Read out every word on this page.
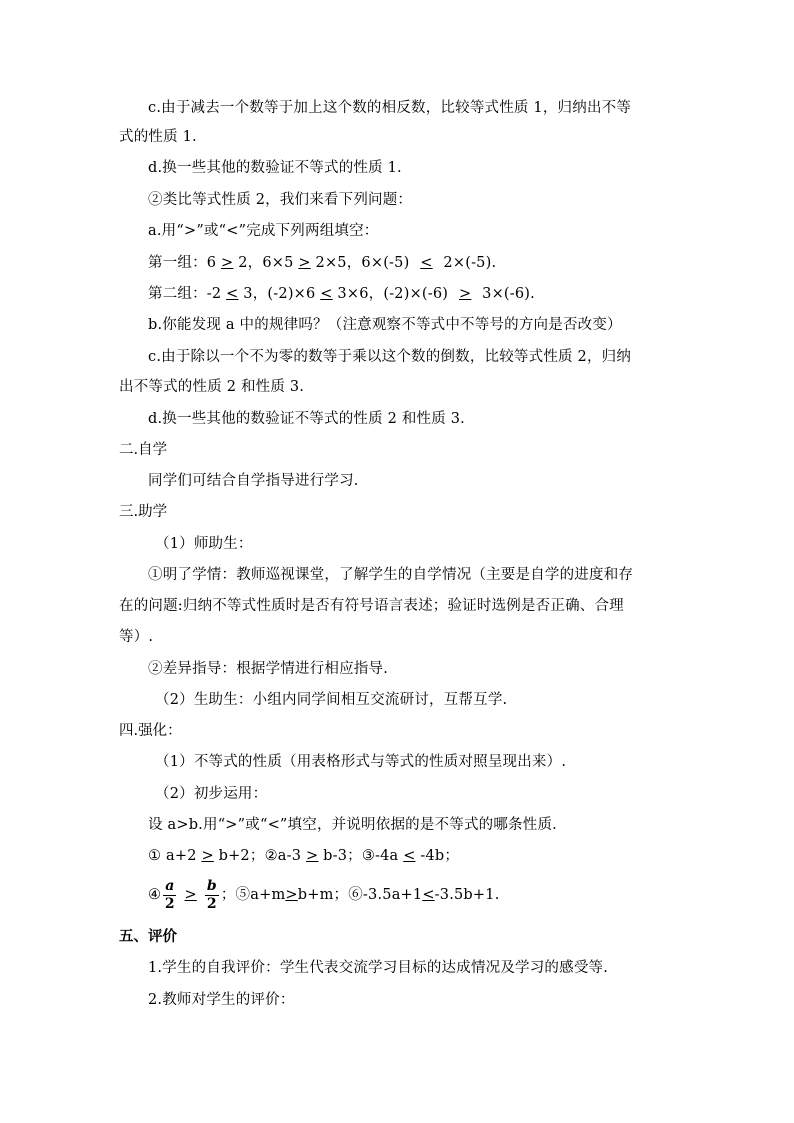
c.由于减去一个数等于加上这个数的相反数，比较等式性质 1，归纳出不等
式的性质 1.
d.换一些其他的数验证不等式的性质 1.
②类比等式性质 2，我们来看下列问题：
a.用“>”或“<”完成下列两组填空：
第一组：6 > 2，6×5 > 2×5，6×(-5) < 2×(-5).
第二组：-2 < 3，(-2)×6 < 3×6，(-2)×(-6) > 3×(-6).
b.你能发现 a 中的规律吗？（注意观察不等式中不等号的方向是否改变）
c.由于除以一个不为零的数等于乘以这个数的倒数，比较等式性质 2，归纳
出不等式的性质 2 和性质 3.
d.换一些其他的数验证不等式的性质 2 和性质 3.
二.自学
同学们可结合自学指导进行学习.
三.助学
（1）师助生：
①明了学情：教师巡视课堂，了解学生的自学情况（主要是自学的进度和存
在的问题:归纳不等式性质时是否有符号语言表述；验证时选例是否正确、合理
等）.
②差异指导：根据学情进行相应指导.
（2）生助生：小组内同学间相互交流研讨，互帮互学.
四.强化：
（1）不等式的性质（用表格形式与等式的性质对照呈现出来）.
（2）初步运用：
设 a>b.用“>”或“<”填空，并说明依据的是不等式的哪条性质.
① a+2 > b+2；②a-3 > b-3；③-4a < -4b；
④ $\frac{a}{2} > \frac{b}{2}$ ；⑤a+m > b+m；⑥-3.5a+1 < -3.5b+1.
五、评价
1.学生的自我评价：学生代表交流学习目标的达成情况及学习的感受等.
2.教师对学生的评价：
